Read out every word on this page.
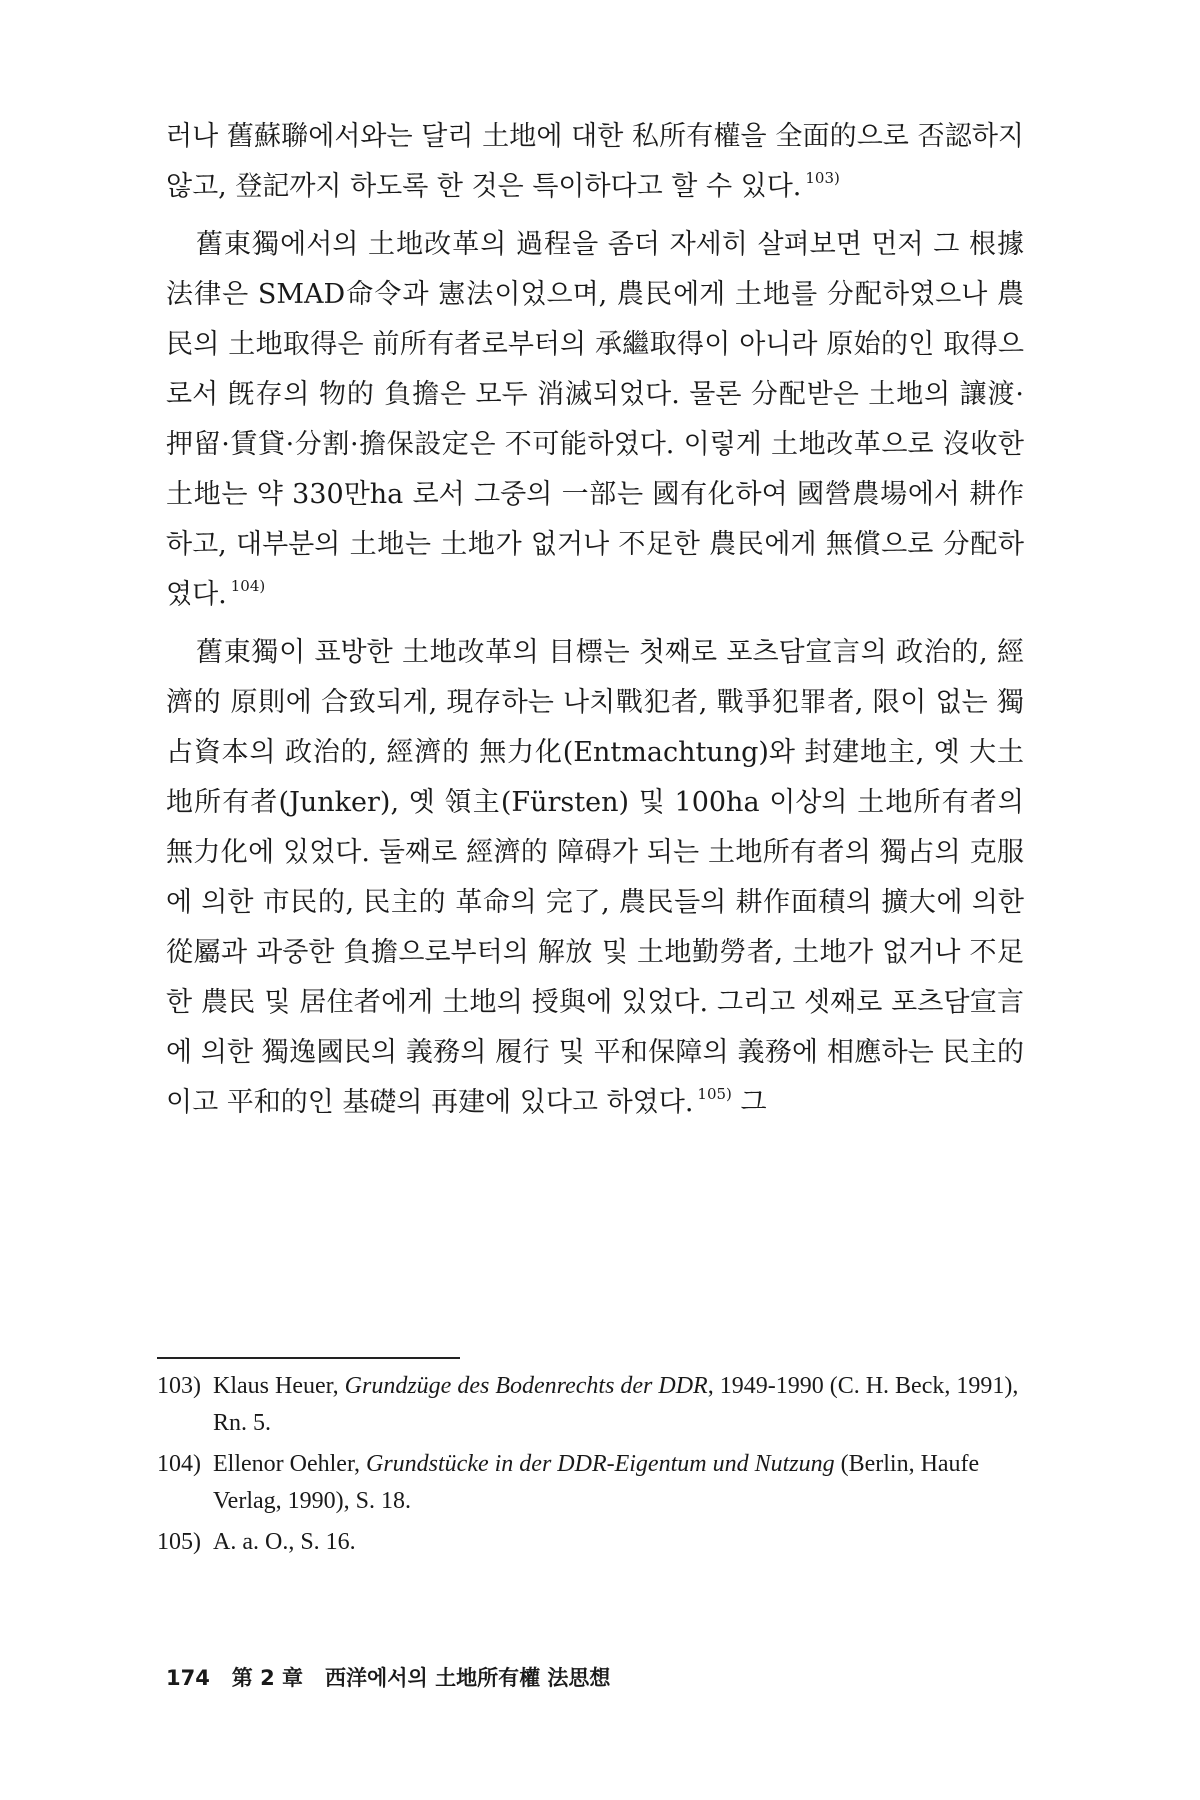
러나 舊蘇聯에서와는 달리 土地에 대한 私所有權을 全面的으로 否認하지 않고, 登記까지 하도록 한 것은 특이하다고 할 수 있다. $^{103)}$

舊東獨에서의 土地改革의 過程을 좀더 자세히 살펴보면 먼저 그 根據法律은 SMAD命令과 憲法이었으며, 農民에게 土地를 分配하였으나 農民의 土地取得은 前所有者로부터의 承繼取得이 아니라 原始的인 取得으로서 旣存의 物的 負擔은 모두 消滅되었다. 물론 分配받은 土地의 讓渡·押留·賃貸·分割·擔保設定은 不可能하였다. 이렇게 土地改革으로 沒收한 土地는 약 330만ha 로서 그중의 一部는 國有化하여 國營農場에서 耕作하고, 대부분의 土地는 土地가 없거나 不足한 農民에게 無償으로 分配하였다. $^{104)}$

舊東獨이 표방한 土地改革의 目標는 첫째로 포츠담宣言의 政治的, 經濟的 原則에 合致되게, 現存하는 나치戰犯者, 戰爭犯罪者, 限이 없는 獨占資本의 政治的, 經濟的 無力化(Entmachtung)와 封建地主, 옛 大土地所有者(Junker), 옛 領主(Fürsten) 및 100ha 이상의 土地所有者의 無力化에 있었다. 둘째로 經濟的 障碍가 되는 土地所有者의 獨占의 克服에 의한 市民的, 民主的 革命의 完了, 農民들의 耕作面積의 擴大에 의한 從屬과 과중한 負擔으로부터의 解放 및 土地勤勞者, 土地가 없거나 不足한 農民 및 居住者에게 土地의 授與에 있었다. 그리고 셋째로 포츠담宣言에 의한 獨逸國民의 義務의 履行 및 平和保障의 義務에 相應하는 民主的이고 平和的인 基礎의 再建에 있다고 하였다. $^{105)}$ 그

103) Klaus Heuer, Grundzüge des Bodenrechts der DDR, 1949-1990 (C. H. Beck, 1991), Rn. 5.
104) Ellenor Oehler, Grundstücke in der DDR-Eigentum und Nutzung (Berlin, Haufe Verlag, 1990), S. 18.
105) A. a. O., S. 16.
174 第 2 章 西洋에서의 土地所有權 法思想
